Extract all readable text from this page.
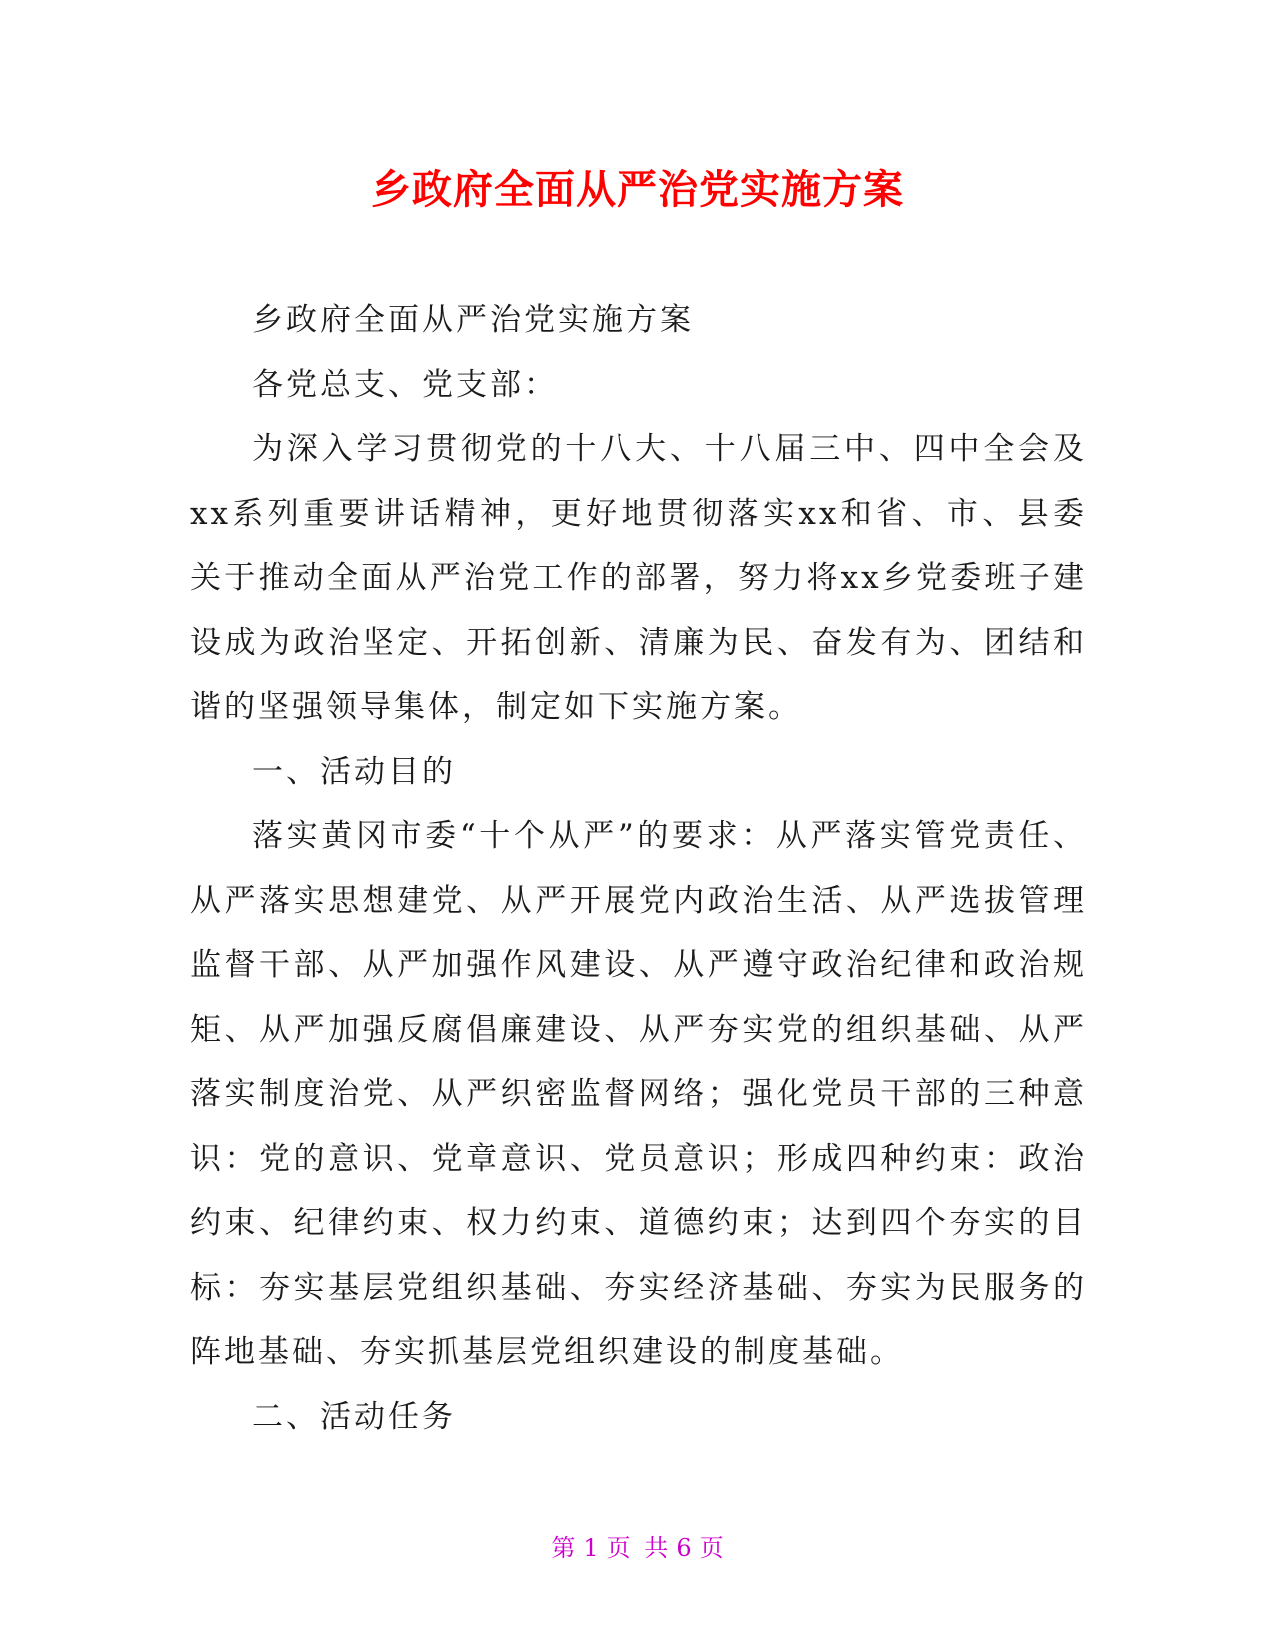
乡政府全面从严治党实施方案

乡政府全面从严治党实施方案

各党总支、党支部：

为深入学习贯彻党的十八大、十八届三中、四中全会及xx系列重要讲话精神，更好地贯彻落实xx和省、市、县委关于推动全面从严治党工作的部署，努力将xx乡党委班子建设成为政治坚定、开拓创新、清廉为民、奋发有为、团结和谐的坚强领导集体，制定如下实施方案。

一、活动目的

落实黄冈市委“十个从严”的要求：从严落实管党责任、从严落实思想建党、从严开展党内政治生活、从严选拔管理监督干部、从严加强作风建设、从严遵守政治纪律和政治规矩、从严加强反腐倡廉建设、从严夯实党的组织基础、从严落实制度治党、从严织密监督网络；强化党员干部的三种意识：党的意识、党章意识、党员意识；形成四种约束：政治约束、纪律约束、权力约束、道德约束；达到四个夯实的目标：夯实基层党组织基础、夯实经济基础、夯实为民服务的阵地基础、夯实抓基层党组织建设的制度基础。

二、活动任务

第 1 页 共 6 页
